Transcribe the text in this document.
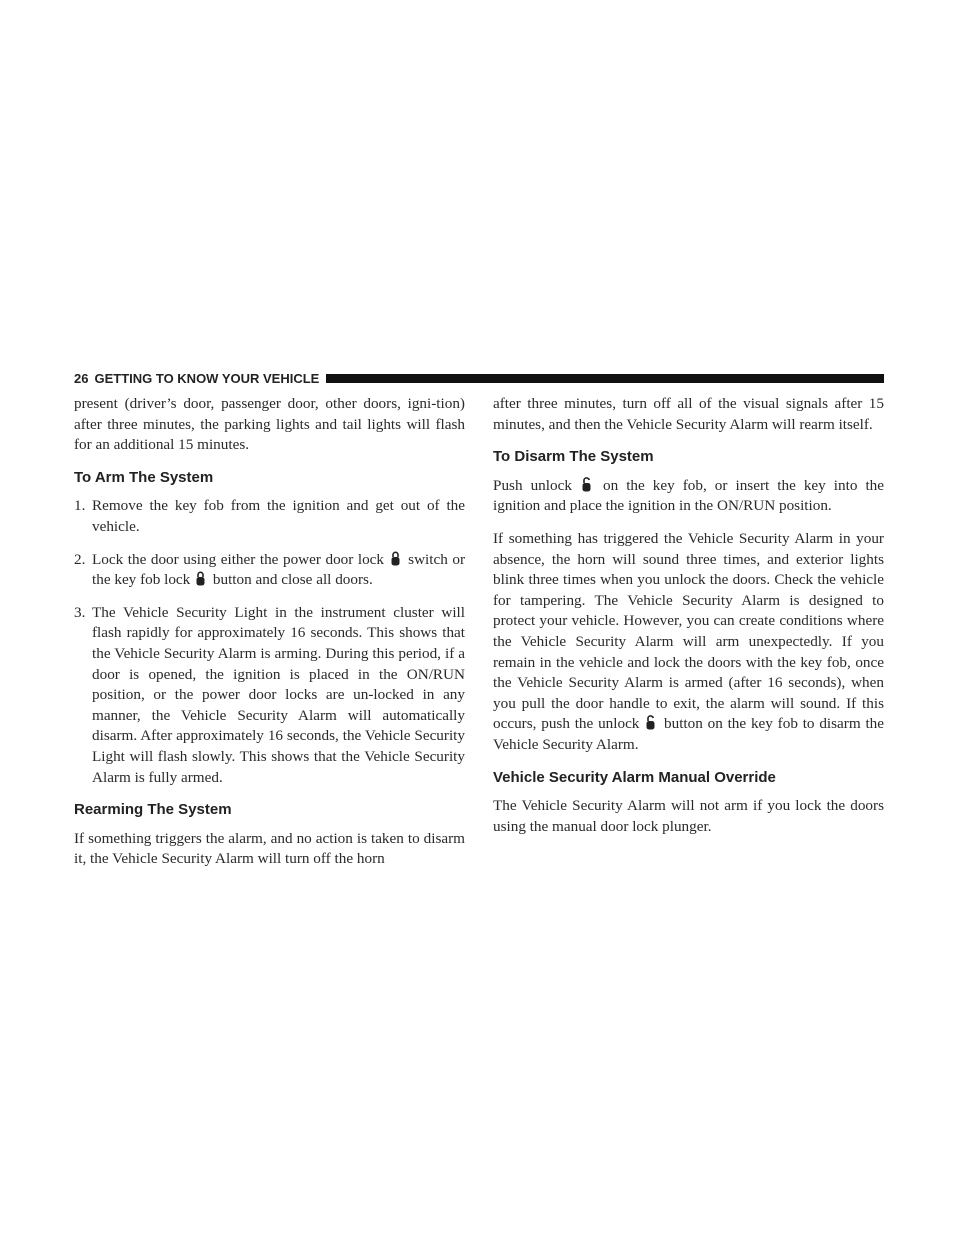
26 GETTING TO KNOW YOUR VEHICLE

present (driver’s door, passenger door, other doors, igni-tion) after three minutes, the parking lights and tail lights will flash for an additional 15 minutes.

To Arm The System
1. Remove the key fob from the ignition and get out of the vehicle.
2. Lock the door using either the power door lock switch or the key fob lock button and close all doors.
3. The Vehicle Security Light in the instrument cluster will flash rapidly for approximately 16 seconds. This shows that the Vehicle Security Alarm is arming. During this period, if a door is opened, the ignition is placed in the ON/RUN position, or the power door locks are un-locked in any manner, the Vehicle Security Alarm will automatically disarm. After approximately 16 seconds, the Vehicle Security Light will flash slowly. This shows that the Vehicle Security Alarm is fully armed.
Rearming The System

If something triggers the alarm, and no action is taken to disarm it, the Vehicle Security Alarm will turn off the horn

after three minutes, turn off all of the visual signals after 15 minutes, and then the Vehicle Security Alarm will rearm itself.

To Disarm The System

Push unlock on the key fob, or insert the key into the ignition and place the ignition in the ON/RUN position.

If something has triggered the Vehicle Security Alarm in your absence, the horn will sound three times, and exterior lights blink three times when you unlock the doors. Check the vehicle for tampering. The Vehicle Security Alarm is designed to protect your vehicle. However, you can create conditions where the Vehicle Security Alarm will arm unexpectedly. If you remain in the vehicle and lock the doors with the key fob, once the Vehicle Security Alarm is armed (after 16 seconds), when you pull the door handle to exit, the alarm will sound. If this occurs, push the unlock button on the key fob to disarm the Vehicle Security Alarm.

Vehicle Security Alarm Manual Override

The Vehicle Security Alarm will not arm if you lock the doors using the manual door lock plunger.
